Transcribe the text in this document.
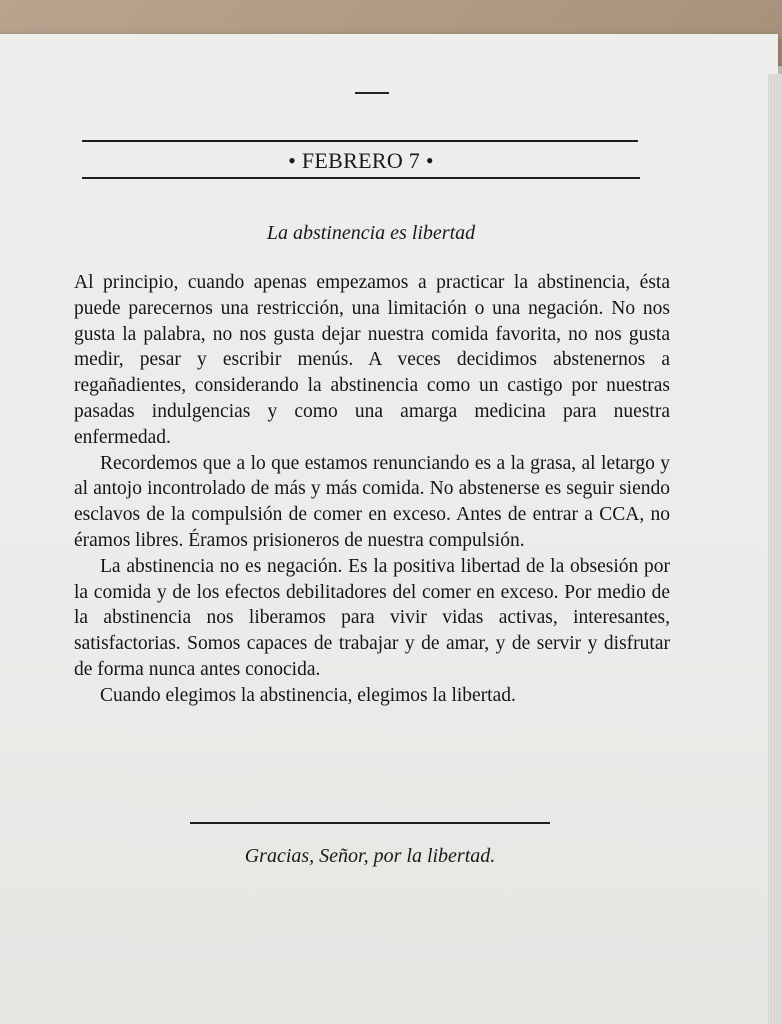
• FEBRERO 7 •
La abstinencia es libertad

Al principio, cuando apenas empezamos a practicar la abstinencia, ésta puede parecernos una restricción, una limitación o una negación. No nos gusta la palabra, no nos gusta dejar nuestra comida favorita, no nos gusta medir, pesar y escribir menús. A veces decidimos abstenernos a regañadientes, considerando la abstinencia como un castigo por nuestras pasadas indulgencias y como una amarga medicina para nuestra enfermedad.

Recordemos que a lo que estamos renunciando es a la grasa, al letargo y al antojo incontrolado de más y más comida. No abstenerse es seguir siendo esclavos de la compulsión de comer en exceso. Antes de entrar a CCA, no éramos libres. Éramos prisioneros de nuestra compulsión.

La abstinencia no es negación. Es la positiva libertad de la obsesión por la comida y de los efectos debilitadores del comer en exceso. Por medio de la abstinencia nos liberamos para vivir vidas activas, interesantes, satisfactorias. Somos capaces de trabajar y de amar, y de servir y disfrutar de forma nunca antes conocida.

Cuando elegimos la abstinencia, elegimos la libertad.

Gracias, Señor, por la libertad.
